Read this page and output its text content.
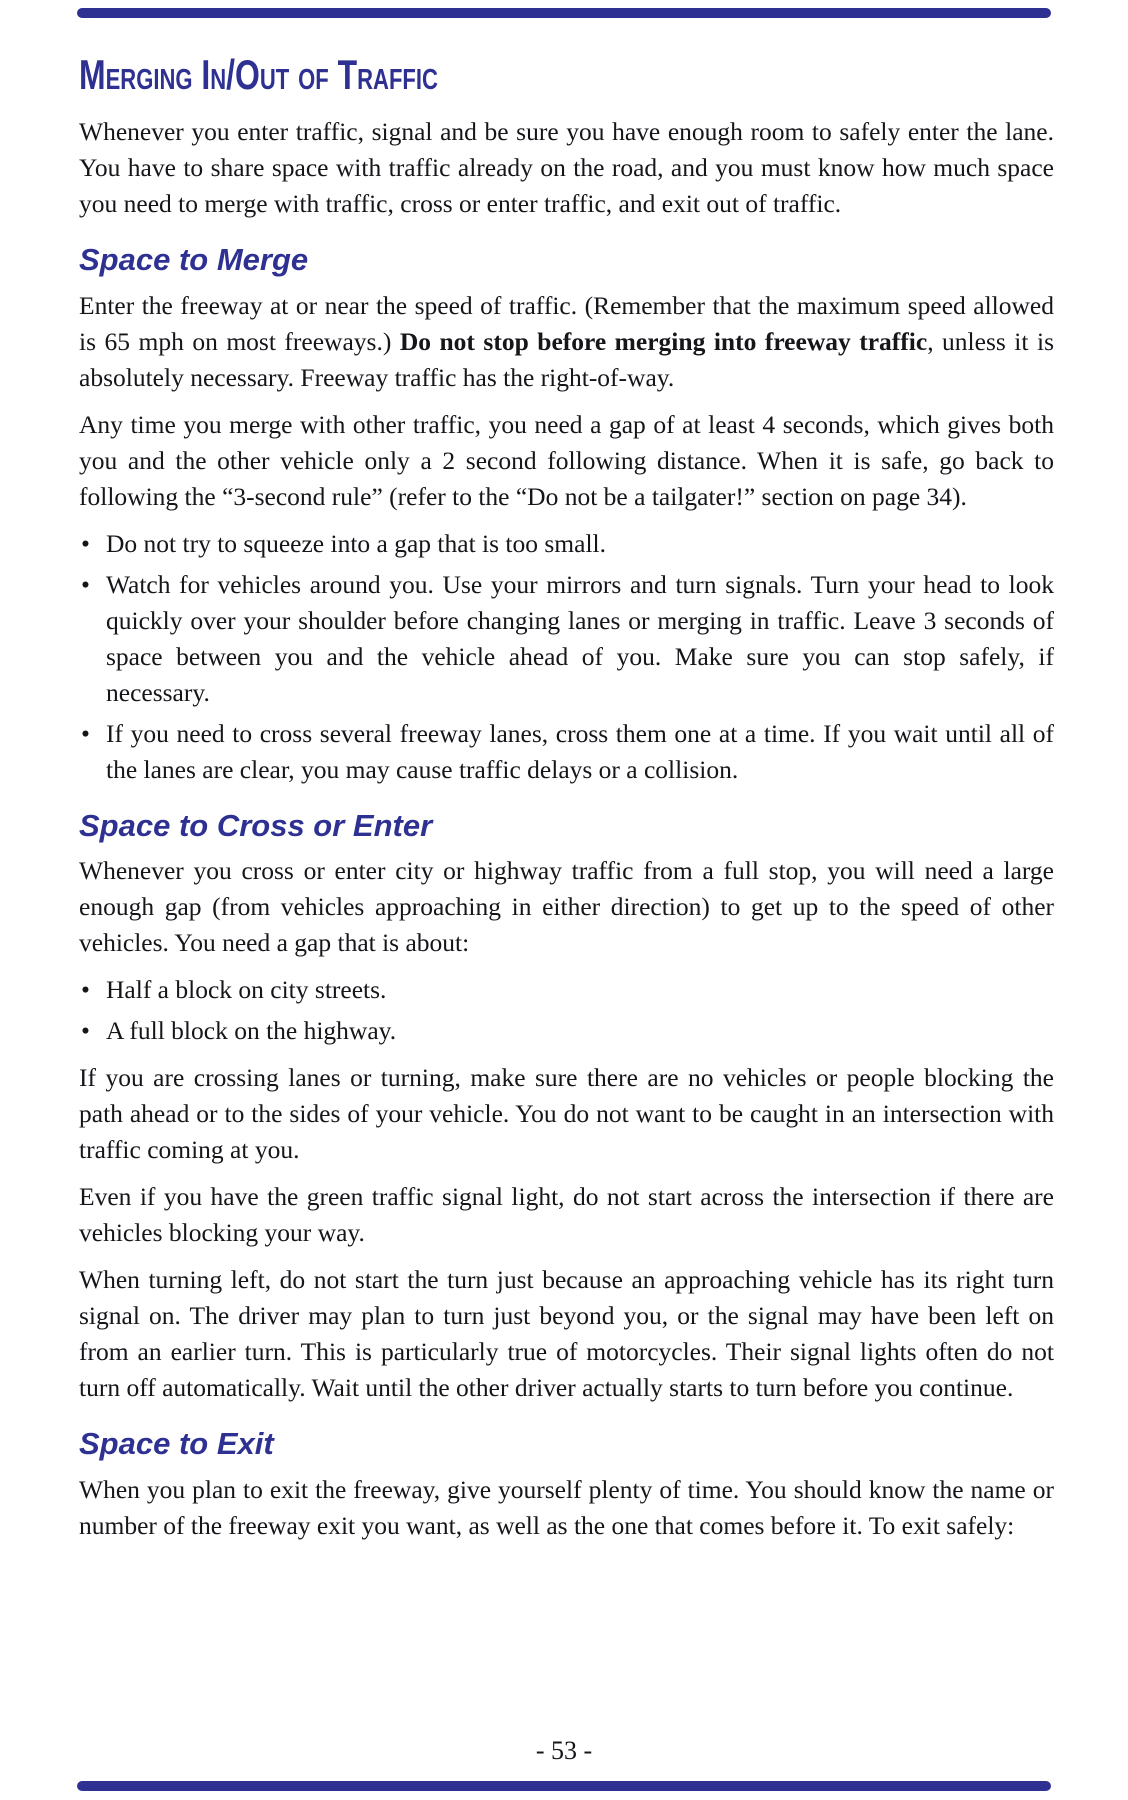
Merging In/Out of Traffic

Whenever you enter traffic, signal and be sure you have enough room to safely enter the lane. You have to share space with traffic already on the road, and you must know how much space you need to merge with traffic, cross or enter traffic, and exit out of traffic.

Space to Merge

Enter the freeway at or near the speed of traffic. (Remember that the maximum speed allowed is 65 mph on most freeways.) Do not stop before merging into freeway traffic, unless it is absolutely necessary. Freeway traffic has the right-of-way.

Any time you merge with other traffic, you need a gap of at least 4 seconds, which gives both you and the other vehicle only a 2 second following distance. When it is safe, go back to following the “3-second rule” (refer to the “Do not be a tailgater!” section on page 34).

• Do not try to squeeze into a gap that is too small.
• Watch for vehicles around you. Use your mirrors and turn signals. Turn your head to look quickly over your shoulder before changing lanes or merging in traffic. Leave 3 seconds of space between you and the vehicle ahead of you. Make sure you can stop safely, if necessary.
• If you need to cross several freeway lanes, cross them one at a time. If you wait until all of the lanes are clear, you may cause traffic delays or a collision.
Space to Cross or Enter

Whenever you cross or enter city or highway traffic from a full stop, you will need a large enough gap (from vehicles approaching in either direction) to get up to the speed of other vehicles. You need a gap that is about:

• Half a block on city streets.
• A full block on the highway.

If you are crossing lanes or turning, make sure there are no vehicles or people blocking the path ahead or to the sides of your vehicle. You do not want to be caught in an intersection with traffic coming at you.

Even if you have the green traffic signal light, do not start across the intersection if there are vehicles blocking your way.

When turning left, do not start the turn just because an approaching vehicle has its right turn signal on. The driver may plan to turn just beyond you, or the signal may have been left on from an earlier turn. This is particularly true of motorcycles. Their signal lights often do not turn off automatically. Wait until the other driver actually starts to turn before you continue.

Space to Exit

When you plan to exit the freeway, give yourself plenty of time. You should know the name or number of the freeway exit you want, as well as the one that comes before it. To exit safely:

- 53 -
